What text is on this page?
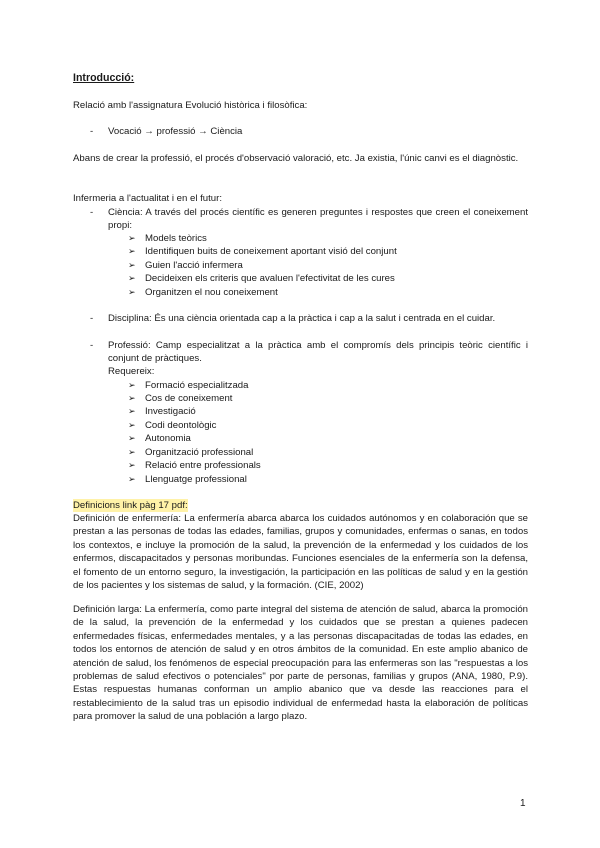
Introducció:
Relació amb l'assignatura Evolució històrica i filosòfica:
- Vocació → professió → Ciència
Abans de crear la professió, el procés d'observació valoració, etc. Ja existia, l'únic canvi es el diagnòstic.
Infermeria a l'actualitat i en el futur:
- Ciència: A través del procés científic es generen preguntes i respostes que creen el coneixement propi:
➢ Models teòrics
➢ Identifiquen buits de coneixement aportant visió del conjunt
➢ Guien l'acció infermera
➢ Decideixen els criteris que avaluen l'efectivitat de les cures
➢ Organitzen el nou coneixement
- Disciplina: És una ciència orientada cap a la pràctica i cap a la salut i centrada en el cuidar.
- Professió: Camp especialitzat a la pràctica amb el compromís dels principis teòric científic i conjunt de pràctiques.
Requereix:
➢ Formació especialitzada
➢ Cos de coneixement
➢ Investigació
➢ Codi deontològic
➢ Autonomia
➢ Organització professional
➢ Relació entre professionals
➢ Llenguatge professional
Definicions link pàg 17 pdf:
Definición de enfermería: La enfermería abarca abarca los cuidados autónomos y en colaboración que se prestan a las personas de todas las edades, familias, grupos y comunidades, enfermas o sanas, en todos los contextos, e incluye la promoción de la salud, la prevención de la enfermedad y los cuidados de los enfermos, discapacitados y personas moribundas. Funciones esenciales de la enfermería son la defensa, el fomento de un entorno seguro, la investigación, la participación en las políticas de salud y en la gestión de los pacientes y los sistemas de salud, y la formación. (CIE, 2002)
Definición larga: La enfermería, como parte integral del sistema de atención de salud, abarca la promoción de la salud, la prevención de la enfermedad y los cuidados que se prestan a quienes padecen enfermedades físicas, enfermedades mentales, y a las personas discapacitadas de todas las edades, en todos los entornos de atención de salud y en otros ámbitos de la comunidad. En este amplio abanico de atención de salud, los fenómenos de especial preocupación para las enfermeras son las "respuestas a los problemas de salud efectivos o potenciales" por parte de personas, familias y grupos (ANA, 1980, P.9). Estas respuestas humanas conforman un amplio abanico que va desde las reacciones para el restablecimiento de la salud tras un episodio individual de enfermedad hasta la elaboración de políticas para promover la salud de una población a largo plazo.
1
